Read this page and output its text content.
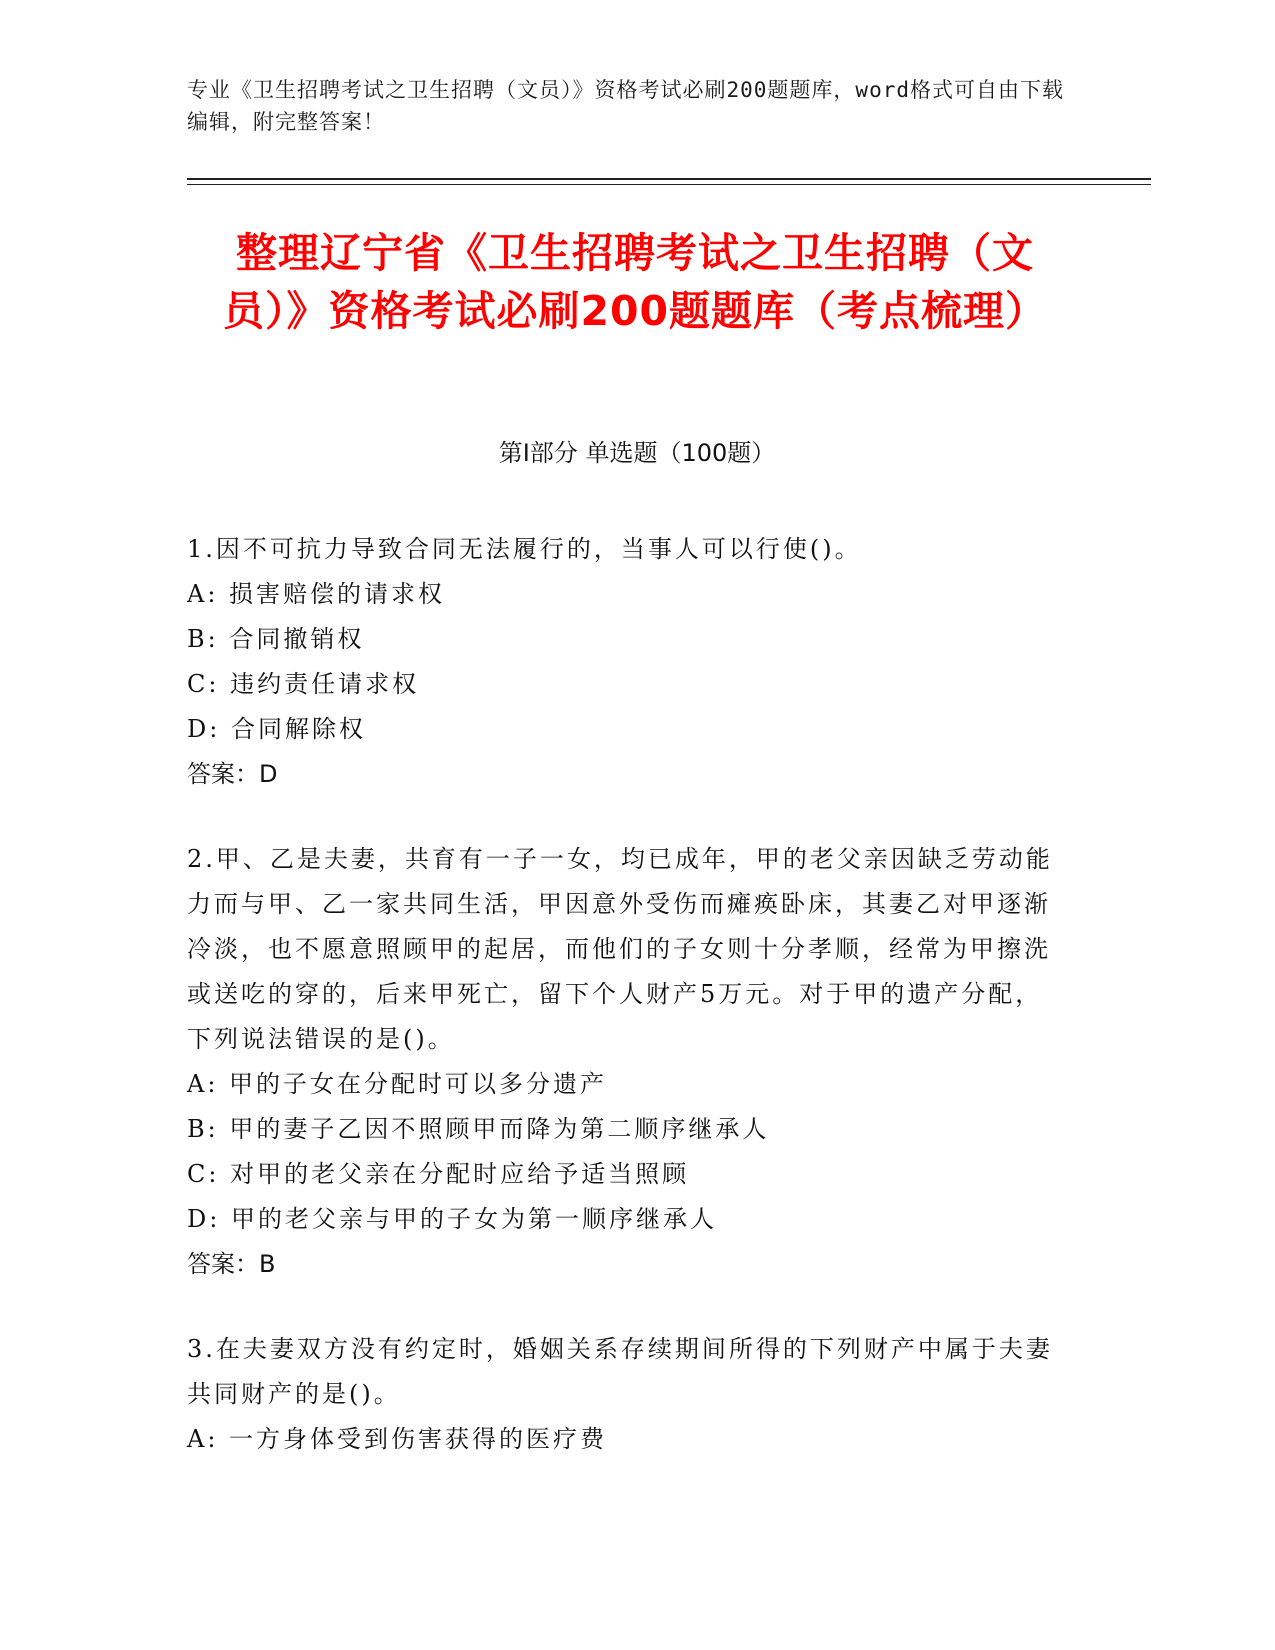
专业《卫生招聘考试之卫生招聘（文员）》资格考试必刷200题题库，word格式可自由下载编辑，附完整答案！
整理辽宁省《卫生招聘考试之卫生招聘（文员）》资格考试必刷200题题库（考点梳理）
第Ⅰ部分 单选题（100题）
1.因不可抗力导致合同无法履行的，当事人可以行使()。
A: 损害赔偿的请求权
B: 合同撤销权
C: 违约责任请求权
D: 合同解除权
答案：D
2.甲、乙是夫妻，共育有一子一女，均已成年，甲的老父亲因缺乏劳动能力而与甲、乙一家共同生活，甲因意外受伤而瘫痪卧床，其妻乙对甲逐渐冷淡，也不愿意照顾甲的起居，而他们的子女则十分孝顺，经常为甲擦洗或送吃的穿的，后来甲死亡，留下个人财产5万元。对于甲的遗产分配，下列说法错误的是()。
A: 甲的子女在分配时可以多分遗产
B: 甲的妻子乙因不照顾甲而降为第二顺序继承人
C: 对甲的老父亲在分配时应给予适当照顾
D: 甲的老父亲与甲的子女为第一顺序继承人
答案：B
3.在夫妻双方没有约定时，婚姻关系存续期间所得的下列财产中属于夫妻共同财产的是()。
A: 一方身体受到伤害获得的医疗费
